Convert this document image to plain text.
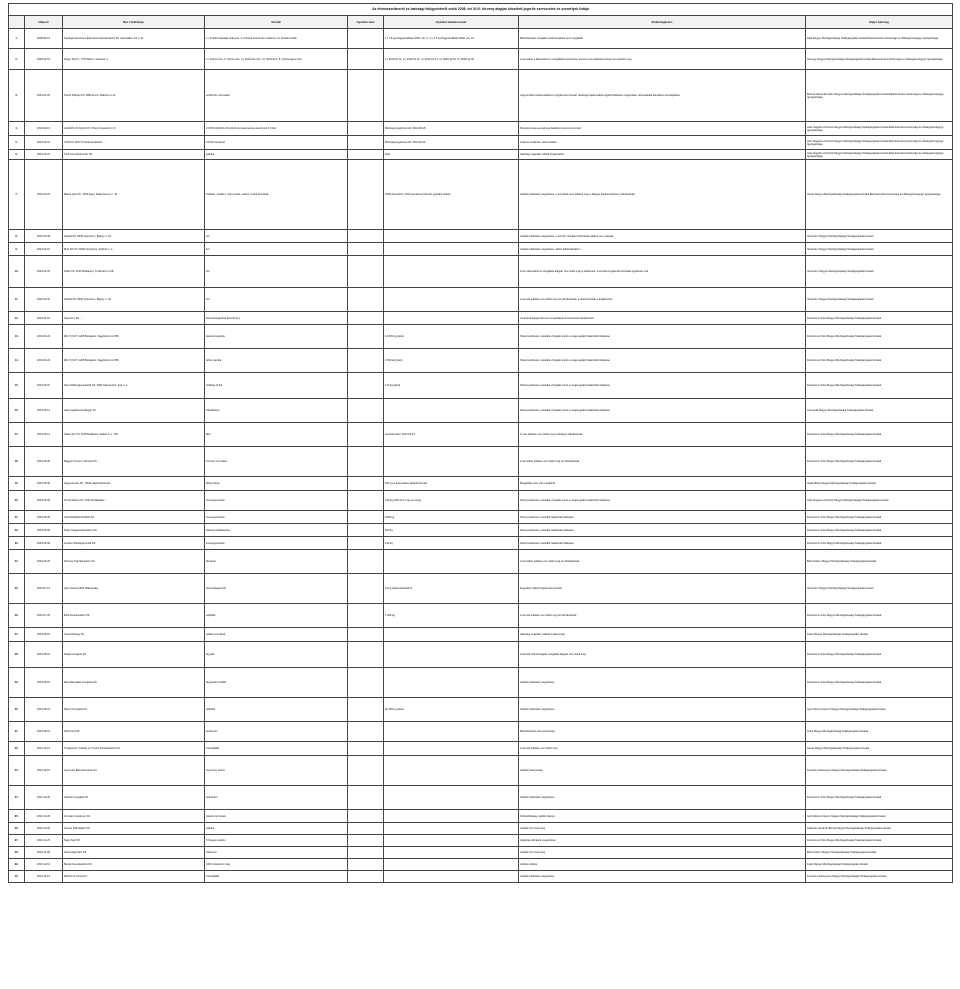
Az élelmiszerláncról és hatósági felügyeletéről szóló 2008. évi XLVI. törvény alapján közzétett jogerős szervezetek és személyek listája							
	Időpont	Név / Székhelye	Termék	Gyártási tétel	Gyártási tételazonosító	Kiválóságkezés	Eljáró hatóság
1.	2009.09.13	Cardigan Húsüzem Élelmiszer-kereskedelmi Kft. Hajmáskér, Fő u. 31.	1.) Füstölt hasaalja szalonna, 2.) Füstölt Kolozsvári szalonna, 3.) Füstölt csülök		1.) 7,8 kg Nagyaszállítás 2009. okt. 2.; 2.) 3,6 kg Nagyaszállítás 2009. okt. 10.	Mikrobiológiai vizsgálat eredményeként nem megfelelő	Zala Megyei Mezőgazdasági Szakigazgatási Hivatal Élelmiszerlánc-biztonsági és Állategészségügyi Igazgatósága
2.	2009.12.15	Dögei Tej Kft., 7570 Barcs, Vasutsor 4.	1.) Zsíros túró, 2.) Zsíros túró, 3.) Félzsíros túró, 4.) Tehéntúró, 5.) Zsírszegény túró		1.) 2010.01.11, 2.) 2010.01.11, 3.) 2010.01.13, 4.) 2009.12.19, 5.) 2009.11.06	A termékek a laboratóriumi vizsgálatok eredménye szerint a termékjellemzőnek nem feleltek meg	Somogy Megyei Mezőgazdasági Szakigazgatási Hivatal Élelmiszerlánc-biztonsági és Állategészségügyi Igazgatósága
3.	2010.01.26	Szenti Pékség Kft. 3860 Encs, Rákóczi út 21.	szőlőszörp termékek			Jogszerűtlen kiskereskedelmi forgalomba hozatal, hatósági határozatban foglalt feltételek megsértése, előírásokkal ellentétes termékjelölés	Borsod-Abaúj-Zemplén Megyei Mezőgazdasági Szakigazgatási Hivatal Élelmiszerlánc-biztonsági és Állategészségügyi Igazgatósága
4.	2010.02.15	AQUAPLUS AQUA Kft. (Pécs) Kossuth krt. 8.	COOP AQUAPLUS AQUA szénsavmentes ásványvíz 0,5 liter		Minőségmegőrzési idő: 2010.08.25.	Pseudomonas aeruginosa baktériummal szennyezett	Jász-Nagykun-Szolnok Megyei Mezőgazdasági Szakigazgatási Hivatal Élelmiszerlánc-biztonsági és Állategészségügyi Igazgatósága
5.	2010.02.15	VÓD Kft. 8707 Pusztaszentlászló, ...	COOP Almaecet		Minőségmegőrzési idő: 2011.09.20.	6 literes címkézés, eltérő jelölés	Jász-Nagykun-Szolnok Megyei Mezőgazdasági Szakigazgatási Hivatal Élelmiszerlánc-biztonsági és Állategészségügyi Igazgatósága
6.	2010.02.15	Tóth Jenő Élelmiszer Kft.	pálinka		tétel	hatósági engedély nélküli forgalmazás	Jász-Nagykun-Szolnok Megyei Mezőgazdasági Szakigazgatási Hivatal Élelmiszerlánc-biztonsági és Állategészségügyi Igazgatósága
7.	2010.03.23	Mátrai Hús Kft., 3300 Eger, Deák Ferenc u. 34.	Kolbász, szalámi, nyári turista, párizsi, hurka termékek		2009 decemberi, 2010 januári és februári gyártási tételek	Jelölési előírások megsértése, a termékek nem feleltek meg a Magyar Élelmiszerkönyv előírásainak	Heves Megyei Mezőgazdasági Szakigazgatási Hivatal Élelmiszerlánc-biztonsági és Állategészségügyi Igazgatósága
8.	2010.03.08	Sebatil Kft. 8200 Veszprém, Bajcsy u. 22.	sör			Jelölési előírások megsértése, a termék címkéjén feltüntetett adatok nem valósak	Veszprém Megyei Mezőgazdasági Szakigazgatási Hivatal
9.	2010.02.16	Mod Sör Kft. 8200 Veszprém, Radnóti u. 1.	sör			Jelölési előírások megsértése, eltérő alkoholtartalom	Veszprém Megyei Mezőgazdasági Szakigazgatási Hivatal
10.	2010.02.26	Keller Kft. 1022 Budapest, Törökvész út 28.	bor			A bor laboratóriumi vizsgálata alapján nem felelt meg a jelölésnek, a termék forgalomba hozatala jogellenes volt	Veszprém Megyei Mezőgazdasági Szakigazgatási Hivatal
11.	2010.03.26	Sebatil Kft. 8200 Veszprém, Bajcsy u. 22.	bor			A termék jelölése nem felelt meg az előírásoknak, a tételt kivonták a forgalomból	Veszprém Megyei Mezőgazdasági Szakigazgatási Hivatal
12.	2010.04.15	Spectrum Kft. ...	Étrend-kiegészítő készítmény			Az étrend-kiegészítő nem engedélyezett összetevőt tartalmazott	Fővárosi és Pest Megyei Mezőgazdasági Szakigazgatási Hivatal
13.	2010.04.22	MG Tri KFT. 1238 Budapest, Nagykőrösi út 355.	étkezési paprika		14,545 kg (tétel)	Növényvédőszer-maradék vizsgálat során a megengedett határérték túllépése	Fővárosi és Pest Megyei Mezőgazdasági Szakigazgatási Hivatal
14.	2010.04.22	MG Tri KFT. 1238 Budapest, Nagykőrösi út 355.	fehér paprika		1 500 kg (tétel)	Növényvédőszer-maradék vizsgálat során a megengedett határérték túllépése	Fővárosi és Pest Megyei Mezőgazdasági Szakigazgatási Hivatal
15.	2010.05.07	Dani Zöldségkereskedő Kft. 2000 Szentendre, Ipar u. 1.	zöldség (tétel)		170 kg (tétel)	Növényvédőszer-maradék vizsgálat során a megengedett határérték túllépése	Fővárosi és Pest Megyei Mezőgazdasági Szakigazgatási Hivatal
16.	2010.05.14	Jakó Ingatlanvél Magyar Zrt.	Paradicsom			Növényvédőszer-maradék vizsgálat során a megengedett határérték túllépése	Csongrád Megyei Mezőgazdasági Szakigazgatási Hivatal
17.	2010.03.14	Nalán Sor Kft. 1135 Budapest, Reitter F. u. 154.	Méz		Gyártási tétel: 2010.03.25.	A méz jelölése nem felelt meg a hatályos előírásoknak	Fővárosi és Pest Megyei Mezőgazdasági Szakigazgatási Hivatal
18.	2010.05.28	Magyar Konzerv Termelő Kft. ...	Konzerv termékek			A termékek jelölése nem felelt meg az előírásoknak	Fővárosi és Pest Megyei Mezőgazdasági Szakigazgatási Hivatal
19.	2010.06.09	Hegyszemén Kft., 5930 Hajdúszoboszló ...	Brisk Kukac		500 g-os kiszerelésű vásárlói termék	Megjelölés nem volt megfelelő	Hajdú-Bihar Megyei Mezőgazdasági Szakigazgatási Hivatal
20.	2010.06.09	Perna Market Kft. 2011 Budakalász, ...	csemegeuborka		440 kg (260 db 0,1 kg-os üveg)	Növényvédőszer-maradék vizsgálat során a megengedett határérték túllépése	Jász-Nagykun-Szolnok Megyei Mezőgazdasági Szakigazgatási Hivatal
21.	2010.06.09	ALEXANDER WORLD Kft.	csemegeuborka		1800 kg	Növényvédőszer-maradék határérték túllépése	Fővárosi és Pest Megyei Mezőgazdasági Szakigazgatási Hivatal
22.	2010.06.09	Fialor Nagykereskedelmi Kft.	étkezési Zöldpaprika		500 kg	Növényvédőszer-maradék határérték túllépése	Fővárosi és Pest Megyei Mezőgazdasági Szakigazgatási Hivatal
23.	2010.06.09	Avokter Zöldségtermelő Kft.	csemegeuborka		190 kg	Növényvédőszer-maradék határérték túllépése	Fővárosi és Pest Megyei Mezőgazdasági Szakigazgatási Hivatal
24.	2010.06.29	Florimer Paprikamalom Kft.	fűszerek			A termékek jelölése nem felelt meg az előírásoknak	Bács-Kiskun Megyei Mezőgazdasági Szakigazgatási Hivatal
25.	2010.07.14	Agro Jeloeti 2600 Mátészalka	étrend-kiegészítő		10 kg (kiskereskedelmi)	Engedély nélküli forgalomba hozatal	Veszprém Megyei Mezőgazdasági Szakigazgatási Hivatal
26.	2010.07.29	ÉSA Kereskedelmi Kft.	sajtfélék		1 000 kg	A termék jelölése nem felelt meg az előírásoknak	Fővárosi és Pest Megyei Mezőgazdasági Szakigazgatási Hivatal
27.	2010.08.16	Csoni Pékség Kft.	pékáru termékek			Hatósági engedély nélküli tevékenység	Fejér Megyei Mezőgazdasági Szakigazgatási Hivatal
28.	2010.08.16	Dolpa Hungária Kft.	fagylalt			A termék mikrobiológiai vizsgálata alapján nem felelt meg	Fővárosi és Pest Megyei Mezőgazdasági Szakigazgatási Hivatal
29.	2010.08.16	Marnidal Halas Hungária Kft.	fagyasztott halfilé			Jelölési előírások megsértése	Fővárosi és Pest Megyei Mezőgazdasági Szakigazgatási Hivatal
30.	2010.09.16	Rauch Hungária Kft.	üdítőital		20 750 kg (tétel)	Jelölési előírások megsértése	Győr-Moson-Sopron Megyei Mezőgazdasági Szakigazgatási Hivatal
31.	2010.09.16	Red Food Kft.	ásványvíz			Mikrobiológiai szennyezettség	Tolna Megyei Mezőgazdasági Szakigazgatási Hivatal
32.	2010.10.13	Tüngelmann Sütöde és Tészta Kereskedelmi Kft.	Tésztafélék			A termék jelölése nem felelt meg	Heves Megyei Mezőgazdasági Szakigazgatási Hivatal
33.	2010.10.19	Gyermely Élelmiszeripari Zrt.	Gyermely tészta			Jelölési hiányosság	Komárom-Esztergom Megyei Mezőgazdasági Szakigazgatási Hivatal
34.	2010.10.20	Vásárló Hungária Kft.	szárazárú			Jelölési előírások megsértése	Fővárosi és Pest Megyei Mezőgazdasági Szakigazgatási Hivatal
35.	2010.10.26	Kormány Húsüzem Kft.	Húsáru termékek			Kolbászféleség, jelölés hiánya	Győr-Moson-Sopron Megyei Mezőgazdasági Szakigazgatási Hivatal
36.	2010.10.29	Nemes Pálinkaház Kft.	pálinka			Jelölés nem felel meg	Szabolcs-Szatmár-Bereg Megyei Mezőgazdasági Szakigazgatási Hivatal
37.	2010.11.26	Nagy Sütő Kft.	Tömeges pékáru			Higiéniai előírások megsértése	Fővárosi és Pest Megyei Mezőgazdasági Szakigazgatási Hivatal
38.	2010.12.09	Kiskunsági Méz Kft.	Akácméz			Jelölés nem felel meg	Bács-Kiskun Megyei Mezőgazdasági Szakigazgatási Hivatal
39.	2010.12.10	Bánáti Kereskedelmi Kft.	ARCO étkezési virág			Jelölési előírás	Fejér Megyei Mezőgazdasági Szakigazgatási Hivatal
40.	2010.12.13	Molnár és Társa Kft.	Tésztafélék			Jelölési előírások megsértése	Komárom-Esztergom Megyei Mezőgazdasági Szakigazgatási Hivatal
